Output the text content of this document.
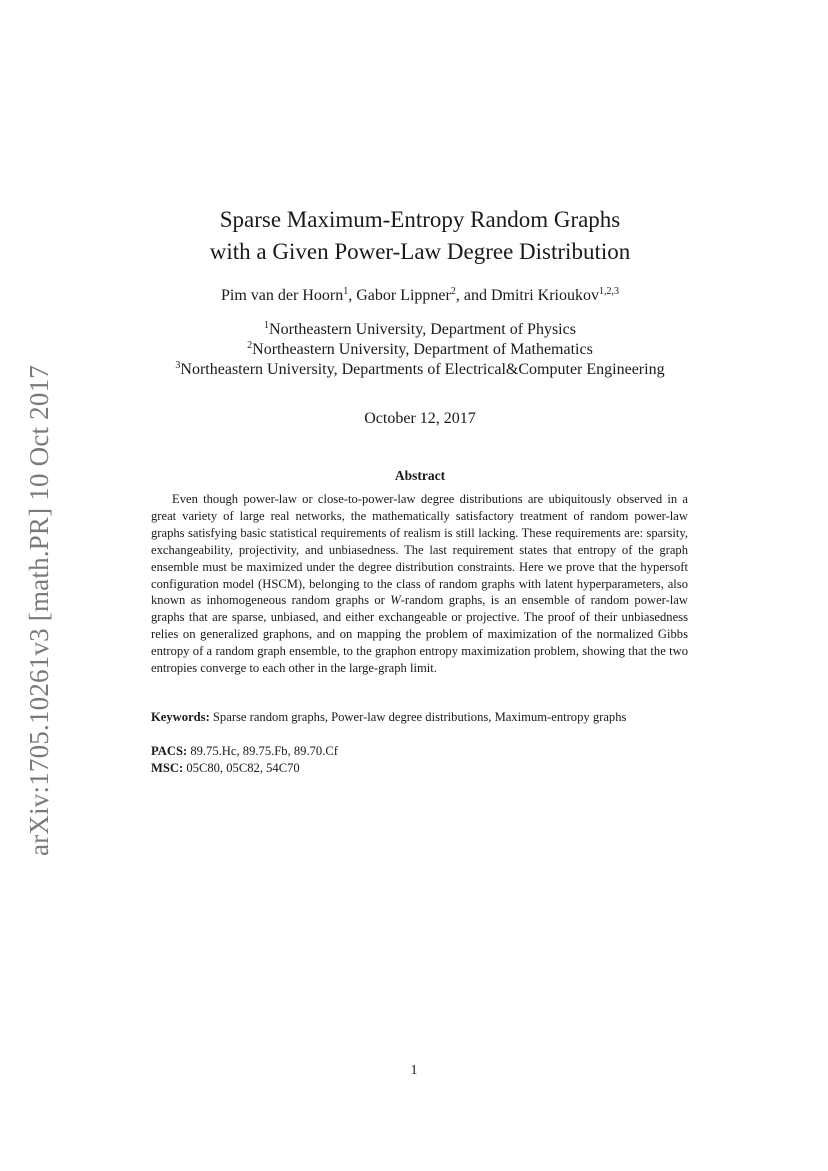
arXiv:1705.10261v3 [math.PR] 10 Oct 2017
Sparse Maximum-Entropy Random Graphs
with a Given Power-Law Degree Distribution
Pim van der Hoorn$^1$, Gabor Lippner$^2$, and Dmitri Krioukov$^{1,2,3}$
$^1$Northeastern University, Department of Physics
$^2$Northeastern University, Department of Mathematics
$^3$Northeastern University, Departments of Electrical&Computer Engineering
October 12, 2017
Abstract

Even though power-law or close-to-power-law degree distributions are ubiquitously observed in a great variety of large real networks, the mathematically satisfactory treatment of random power-law graphs satisfying basic statistical requirements of realism is still lacking. These requirements are: sparsity, exchangeability, projectivity, and unbiasedness. The last requirement states that entropy of the graph ensemble must be maximized under the degree distribution constraints. Here we prove that the hypersoft configuration model (HSCM), belonging to the class of random graphs with latent hyperparameters, also known as inhomogeneous random graphs or W-random graphs, is an ensemble of random power-law graphs that are sparse, unbiased, and either exchangeable or projective. The proof of their unbiasedness relies on generalized graphons, and on mapping the problem of maximization of the normalized Gibbs entropy of a random graph ensemble, to the graphon entropy maximization problem, showing that the two entropies converge to each other in the large-graph limit.

Keywords: Sparse random graphs, Power-law degree distributions, Maximum-entropy graphs
PACS: 89.75.Hc, 89.75.Fb, 89.70.Cf
MSC: 05C80, 05C82, 54C70
1
